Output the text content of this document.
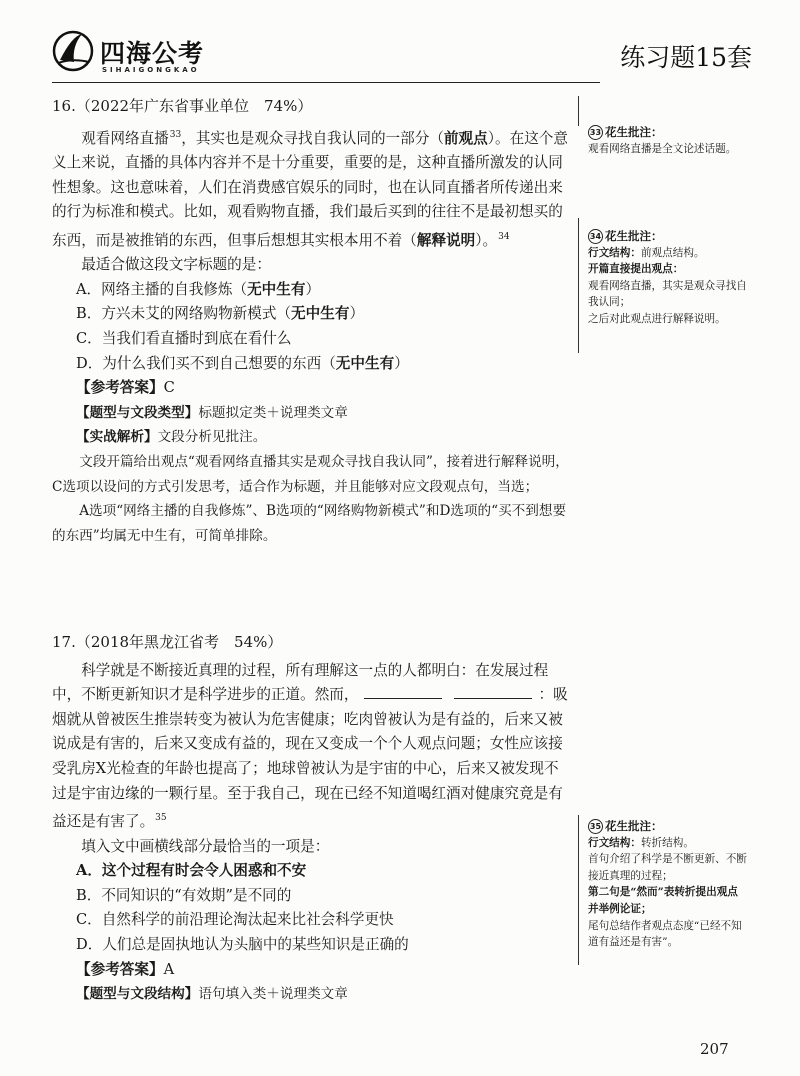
四海公考
SIHAIGONGKAO	练习题15套
16.（2022年广东省事业单位　74%）
观看网络直播$^{33}$，其实也是观众寻找自我认同的一部分（前观点）。在这个意义上来说，直播的具体内容并不是十分重要，重要的是，这种直播所激发的认同性想象。这也意味着，人们在消费感官娱乐的同时，也在认同直播者所传递出来的行为标准和模式。比如，观看购物直播，我们最后买到的往往不是最初想买的东西，而是被推销的东西，但事后想想其实根本用不着（解释说明）。$^{34}$
最适合做这段文字标题的是：
A．网络主播的自我修炼（无中生有）
B．方兴未艾的网络购物新模式（无中生有）
C．当我们看直播时到底在看什么
D．为什么我们买不到自己想要的东西（无中生有）
【参考答案】C
【题型与文段类型】标题拟定类＋说理类文章
【实战解析】文段分析见批注。
文段开篇给出观点“观看网络直播其实是观众寻找自我认同”，接着进行解释说明，C选项以设问的方式引发思考，适合作为标题，并且能够对应文段观点句，当选；
A选项“网络主播的自我修炼”、B选项的“网络购物新模式”和D选项的“买不到想要的东西”均属无中生有，可简单排除。
17.（2018年黑龙江省考　54%）
科学就是不断接近真理的过程，所有理解这一点的人都明白：在发展过程中，不断更新知识才是科学进步的正道。然而，	：吸烟就从曾被医生推崇转变为被认为危害健康；吃肉曾被认为是有益的，后来又被说成是有害的，后来又变成有益的，现在又变成一个个人观点问题；女性应该接受乳房X光检查的年龄也提高了；地球曾被认为是宇宙的中心，后来又被发现不过是宇宙边缘的一颗行星。至于我自己，现在已经不知道喝红酒对健康究竟是有益还是有害了。$^{35}$
填入文中画横线部分最恰当的一项是：
A．这个过程有时会令人困惑和不安
B．不同知识的“有效期”是不同的
C．自然科学的前沿理论淘汰起来比社会科学更快
D．人们总是固执地认为头脑中的某些知识是正确的
【参考答案】A
【题型与文段结构】语句填入类＋说理类文章
33 花生批注：
观看网络直播是全文论述话题。
34 花生批注：
行文结构：前观点结构。
开篇直接提出观点：
观看网络直播，其实是观众寻找自我认同；
之后对此观点进行解释说明。
35 花生批注：
行文结构：转折结构。
首句介绍了科学是不断更新、不断接近真理的过程；
第二句是“然而”表转折提出观点并举例论证；
尾句总结作者观点态度“已经不知道有益还是有害”。
207
